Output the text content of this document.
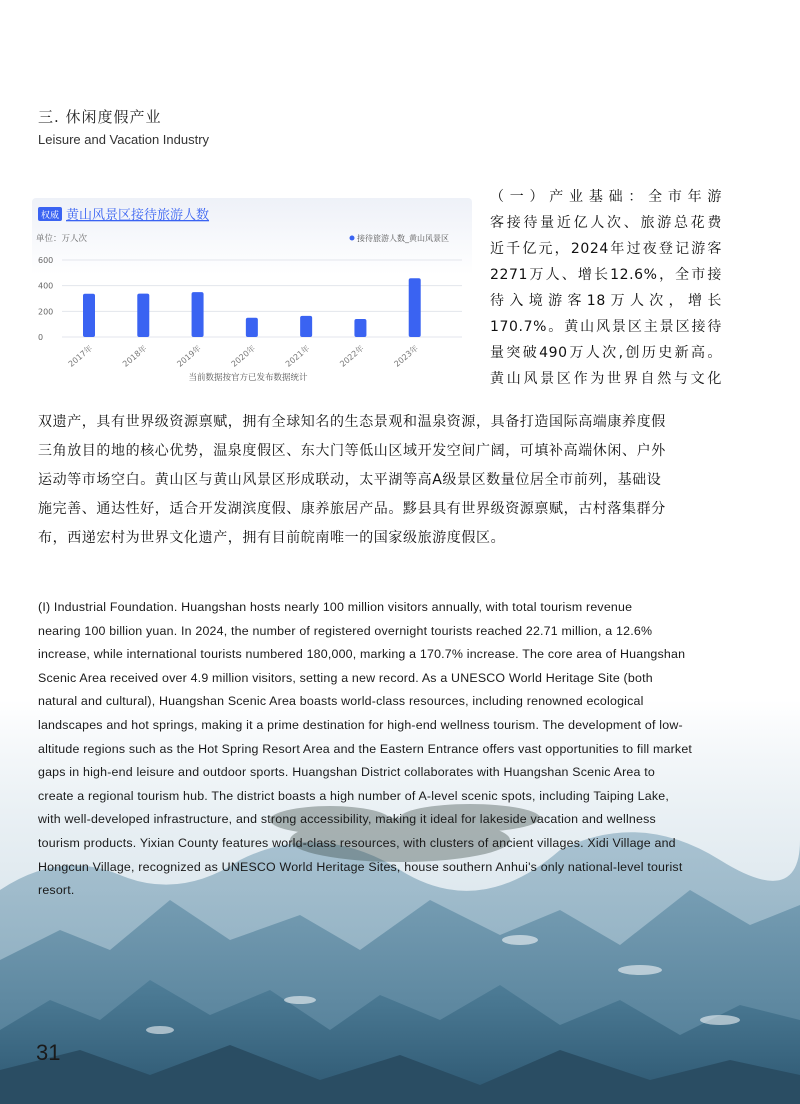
三. 休闲度假产业
Leisure and Vacation Industry
权威 黄山风景区接待旅游人数
单位：万人次	接待旅游人数_黄山风景区
0
200
400
600
2017年	2018年	2019年	2020年	2021年	2022年	2023年
当前数据按官方已发布数据统计
（一）产业基础：全市年游
客接待量近亿人次、旅游总花费
近千亿元，2024年过夜登记游客
2271万人、增长12.6%，全市接
待入境游客18万人次，增长
170.7%。黄山风景区主景区接待
量突破490万人次,创历史新高。
黄山风景区作为世界自然与文化
双遗产，具有世界级资源禀赋，拥有全球知名的生态景观和温泉资源，具备打造国际高端康养度假
三角放目的地的核心优势，温泉度假区、东大门等低山区域开发空间广阔，可填补高端休闲、户外
运动等市场空白。黄山区与黄山风景区形成联动，太平湖等高A级景区数量位居全市前列，基础设
施完善、通达性好，适合开发湖滨度假、康养旅居产品。黟县具有世界级资源禀赋，古村落集群分
布，西递宏村为世界文化遗产，拥有目前皖南唯一的国家级旅游度假区。
(I) Industrial Foundation. Huangshan hosts nearly 100 million visitors annually, with total tourism revenue
nearing 100 billion yuan. In 2024, the number of registered overnight tourists reached 22.71 million, a 12.6%
increase, while international tourists numbered 180,000, marking a 170.7% increase. The core area of Huangshan
Scenic Area received over 4.9 million visitors, setting a new record. As a UNESCO World Heritage Site (both
natural and cultural), Huangshan Scenic Area boasts world-class resources, including renowned ecological
landscapes and hot springs, making it a prime destination for high-end wellness tourism. The development of low-
altitude regions such as the Hot Spring Resort Area and the Eastern Entrance offers vast opportunities to fill market
gaps in high-end leisure and outdoor sports. Huangshan District collaborates with Huangshan Scenic Area to
create a regional tourism hub. The district boasts a high number of A-level scenic spots, including Taiping Lake,
with well-developed infrastructure, and strong accessibility, making it ideal for lakeside vacation and wellness
tourism products. Yixian County features world-class resources, with clusters of ancient villages. Xidi Village and
Hongcun Village, recognized as UNESCO World Heritage Sites, house southern Anhui's only national-level tourist
resort.
31
